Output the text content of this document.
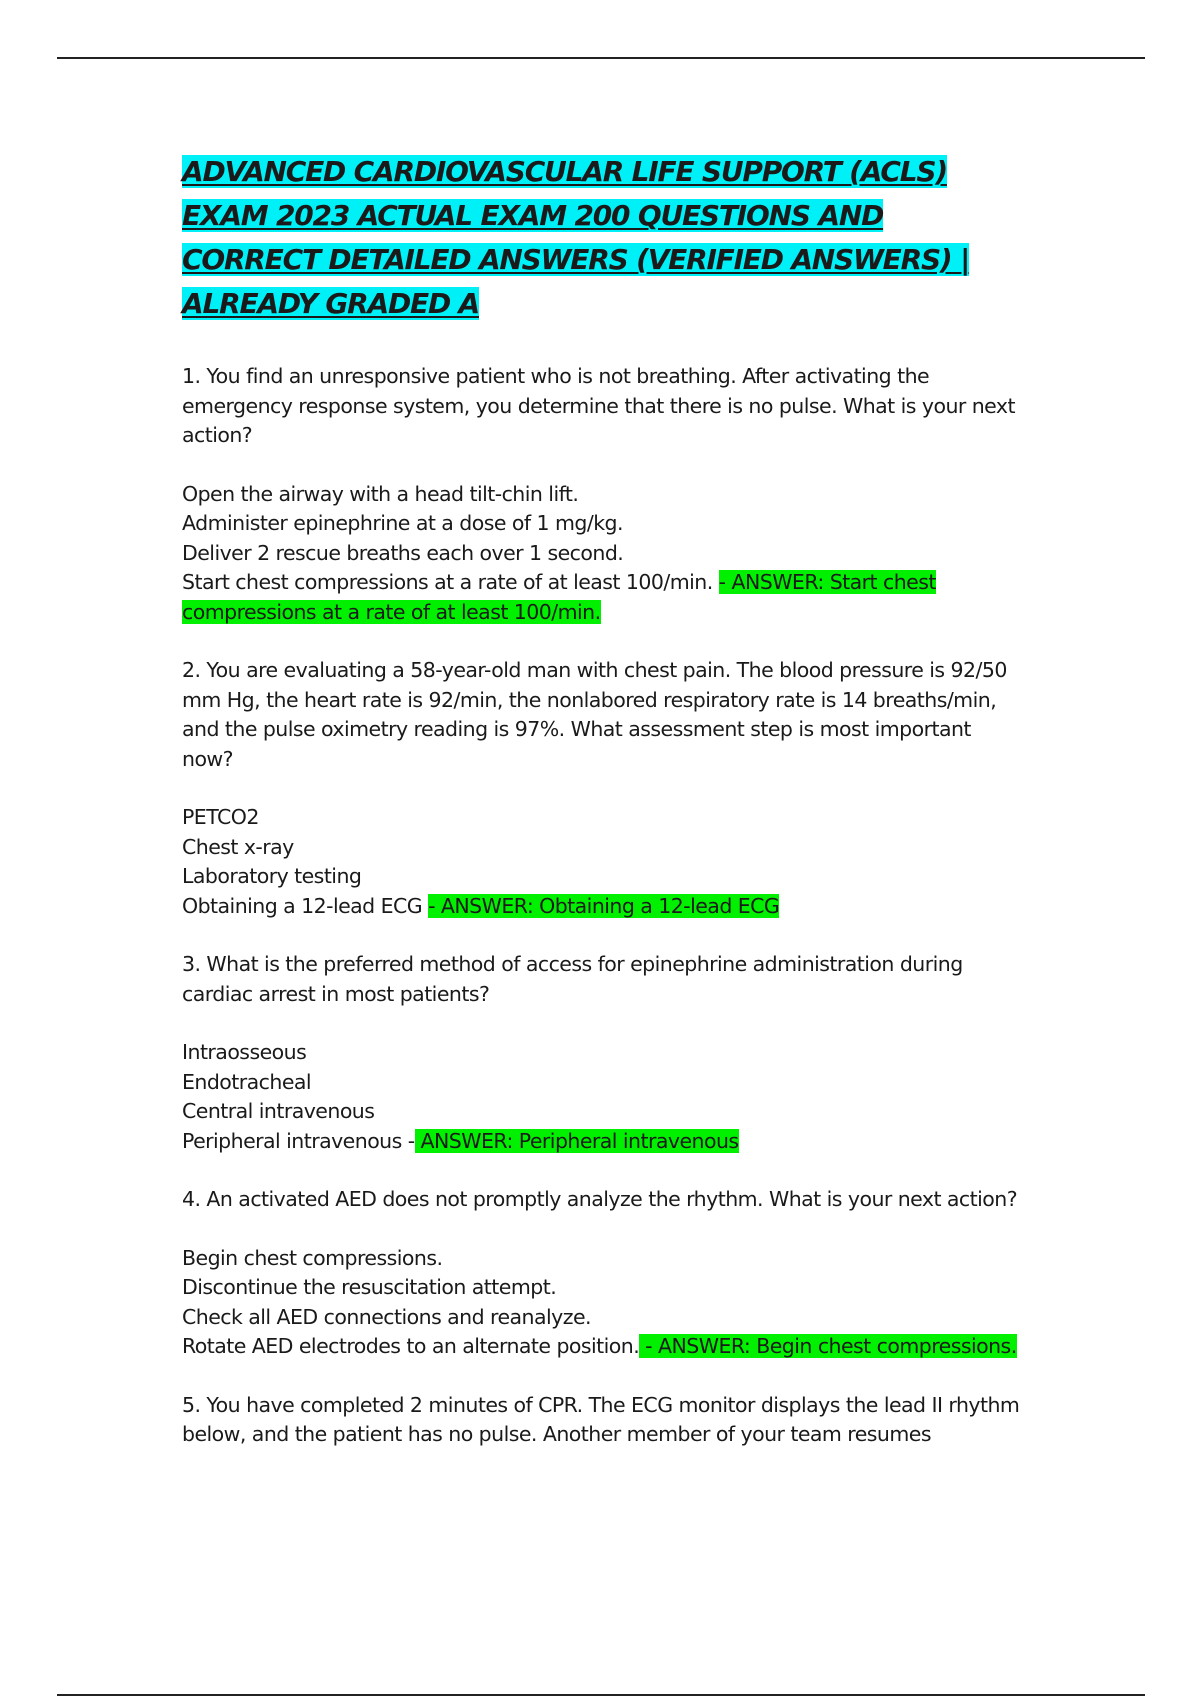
ADVANCED CARDIOVASCULAR LIFE SUPPORT (ACLS) EXAM 2023 ACTUAL EXAM 200 QUESTIONS AND CORRECT DETAILED ANSWERS (VERIFIED ANSWERS) | ALREADY GRADED A

1. You find an unresponsive patient who is not breathing. After activating the emergency response system, you determine that there is no pulse. What is your next action?

Open the airway with a head tilt-chin lift.
Administer epinephrine at a dose of 1 mg/kg.
Deliver 2 rescue breaths each over 1 second.
Start chest compressions at a rate of at least 100/min. - ANSWER: Start chest compressions at a rate of at least 100/min.

2. You are evaluating a 58-year-old man with chest pain. The blood pressure is 92/50 mm Hg, the heart rate is 92/min, the nonlabored respiratory rate is 14 breaths/min, and the pulse oximetry reading is 97%. What assessment step is most important now?

PETCO2
Chest x-ray
Laboratory testing
Obtaining a 12-lead ECG - ANSWER: Obtaining a 12-lead ECG

3. What is the preferred method of access for epinephrine administration during cardiac arrest in most patients?

Intraosseous
Endotracheal
Central intravenous
Peripheral intravenous - ANSWER: Peripheral intravenous

4. An activated AED does not promptly analyze the rhythm. What is your next action?

Begin chest compressions.
Discontinue the resuscitation attempt.
Check all AED connections and reanalyze.
Rotate AED electrodes to an alternate position. - ANSWER: Begin chest compressions.

5. You have completed 2 minutes of CPR. The ECG monitor displays the lead II rhythm below, and the patient has no pulse. Another member of your team resumes
